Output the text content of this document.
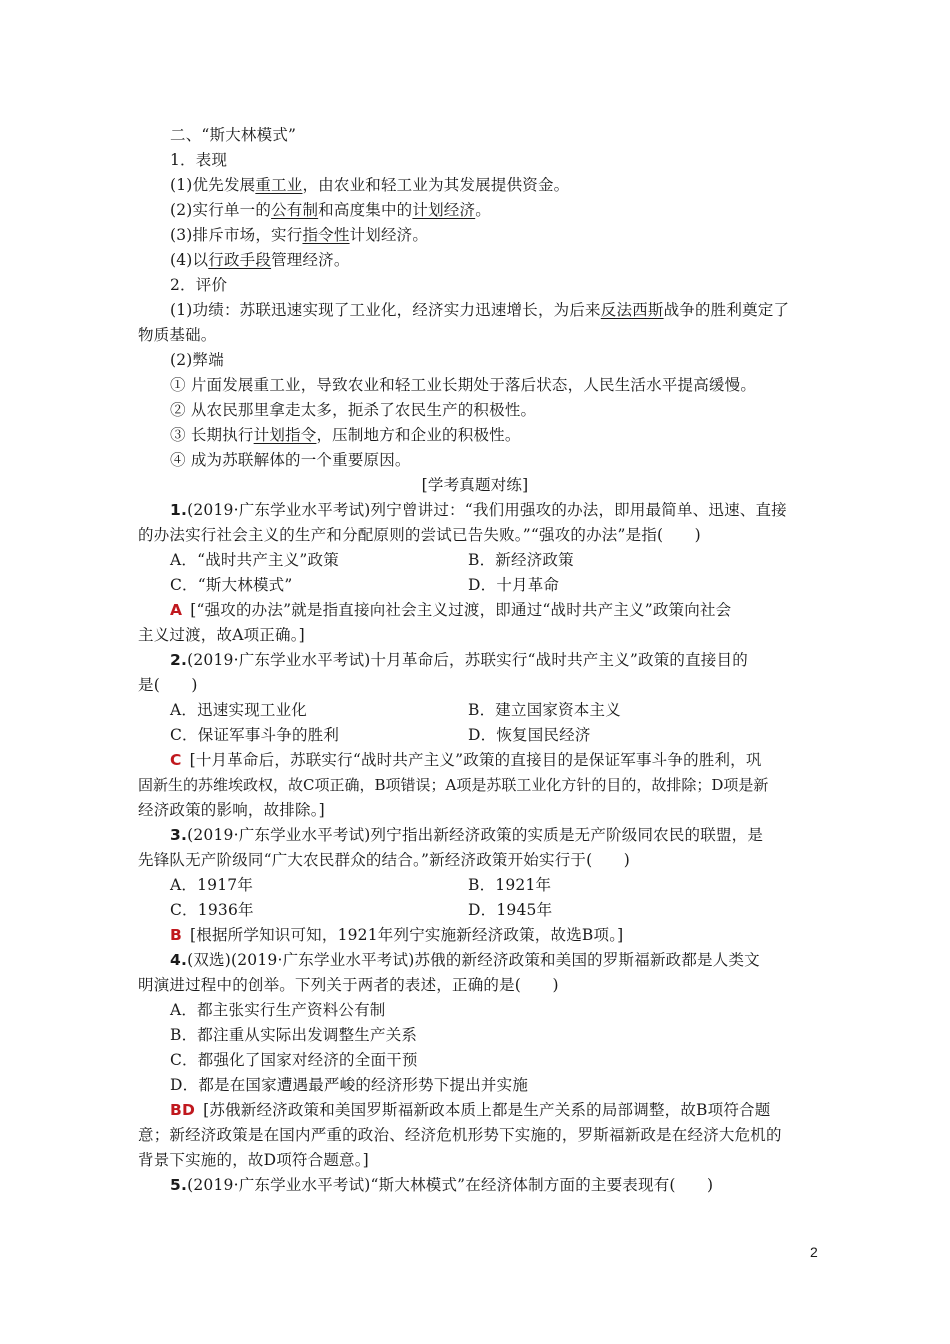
二、“斯大林模式”
1．表现
(1)优先发展重工业，由农业和轻工业为其发展提供资金。
(2)实行单一的公有制和高度集中的计划经济。
(3)排斥市场，实行指令性计划经济。
(4)以行政手段管理经济。
2．评价
(1)功绩：苏联迅速实现了工业化，经济实力迅速增长，为后来反法西斯战争的胜利奠定了
物质基础。
(2)弊端
① 片面发展重工业，导致农业和轻工业长期处于落后状态，人民生活水平提高缓慢。
② 从农民那里拿走太多，扼杀了农民生产的积极性。
③ 长期执行计划指令，压制地方和企业的积极性。
④ 成为苏联解体的一个重要原因。
[学考真题对练]
1.(2019·广东学业水平考试)列宁曾讲过：“我们用强攻的办法，即用最简单、迅速、直接
的办法实行社会主义的生产和分配原则的尝试已告失败。”“强攻的办法”是指(　　)
A．“战时共产主义”政策	B．新经济政策
C．“斯大林模式”	D．十月革命
A [“强攻的办法”就是指直接向社会主义过渡，即通过“战时共产主义”政策向社会
主义过渡，故A项正确。]
2.(2019·广东学业水平考试)十月革命后，苏联实行“战时共产主义”政策的直接目的
是(　　)
A．迅速实现工业化	B．建立国家资本主义
C．保证军事斗争的胜利	D．恢复国民经济
C [十月革命后，苏联实行“战时共产主义”政策的直接目的是保证军事斗争的胜利，巩
固新生的苏维埃政权，故C项正确，B项错误；A项是苏联工业化方针的目的，故排除；D项是新
经济政策的影响，故排除。]
3.(2019·广东学业水平考试)列宁指出新经济政策的实质是无产阶级同农民的联盟，是
先锋队无产阶级同“广大农民群众的结合。”新经济政策开始实行于(　　)
A．1917年	B．1921年
C．1936年	D．1945年
B [根据所学知识可知，1921年列宁实施新经济政策，故选B项。]
4.(双选)(2019·广东学业水平考试)苏俄的新经济政策和美国的罗斯福新政都是人类文
明演进过程中的创举。下列关于两者的表述，正确的是(　　)
A．都主张实行生产资料公有制
B．都注重从实际出发调整生产关系
C．都强化了国家对经济的全面干预
D．都是在国家遭遇最严峻的经济形势下提出并实施
BD [苏俄新经济政策和美国罗斯福新政本质上都是生产关系的局部调整，故B项符合题
意；新经济政策是在国内严重的政治、经济危机形势下实施的，罗斯福新政是在经济大危机的
背景下实施的，故D项符合题意。]
5.(2019·广东学业水平考试)“斯大林模式”在经济体制方面的主要表现有(　　)
2
